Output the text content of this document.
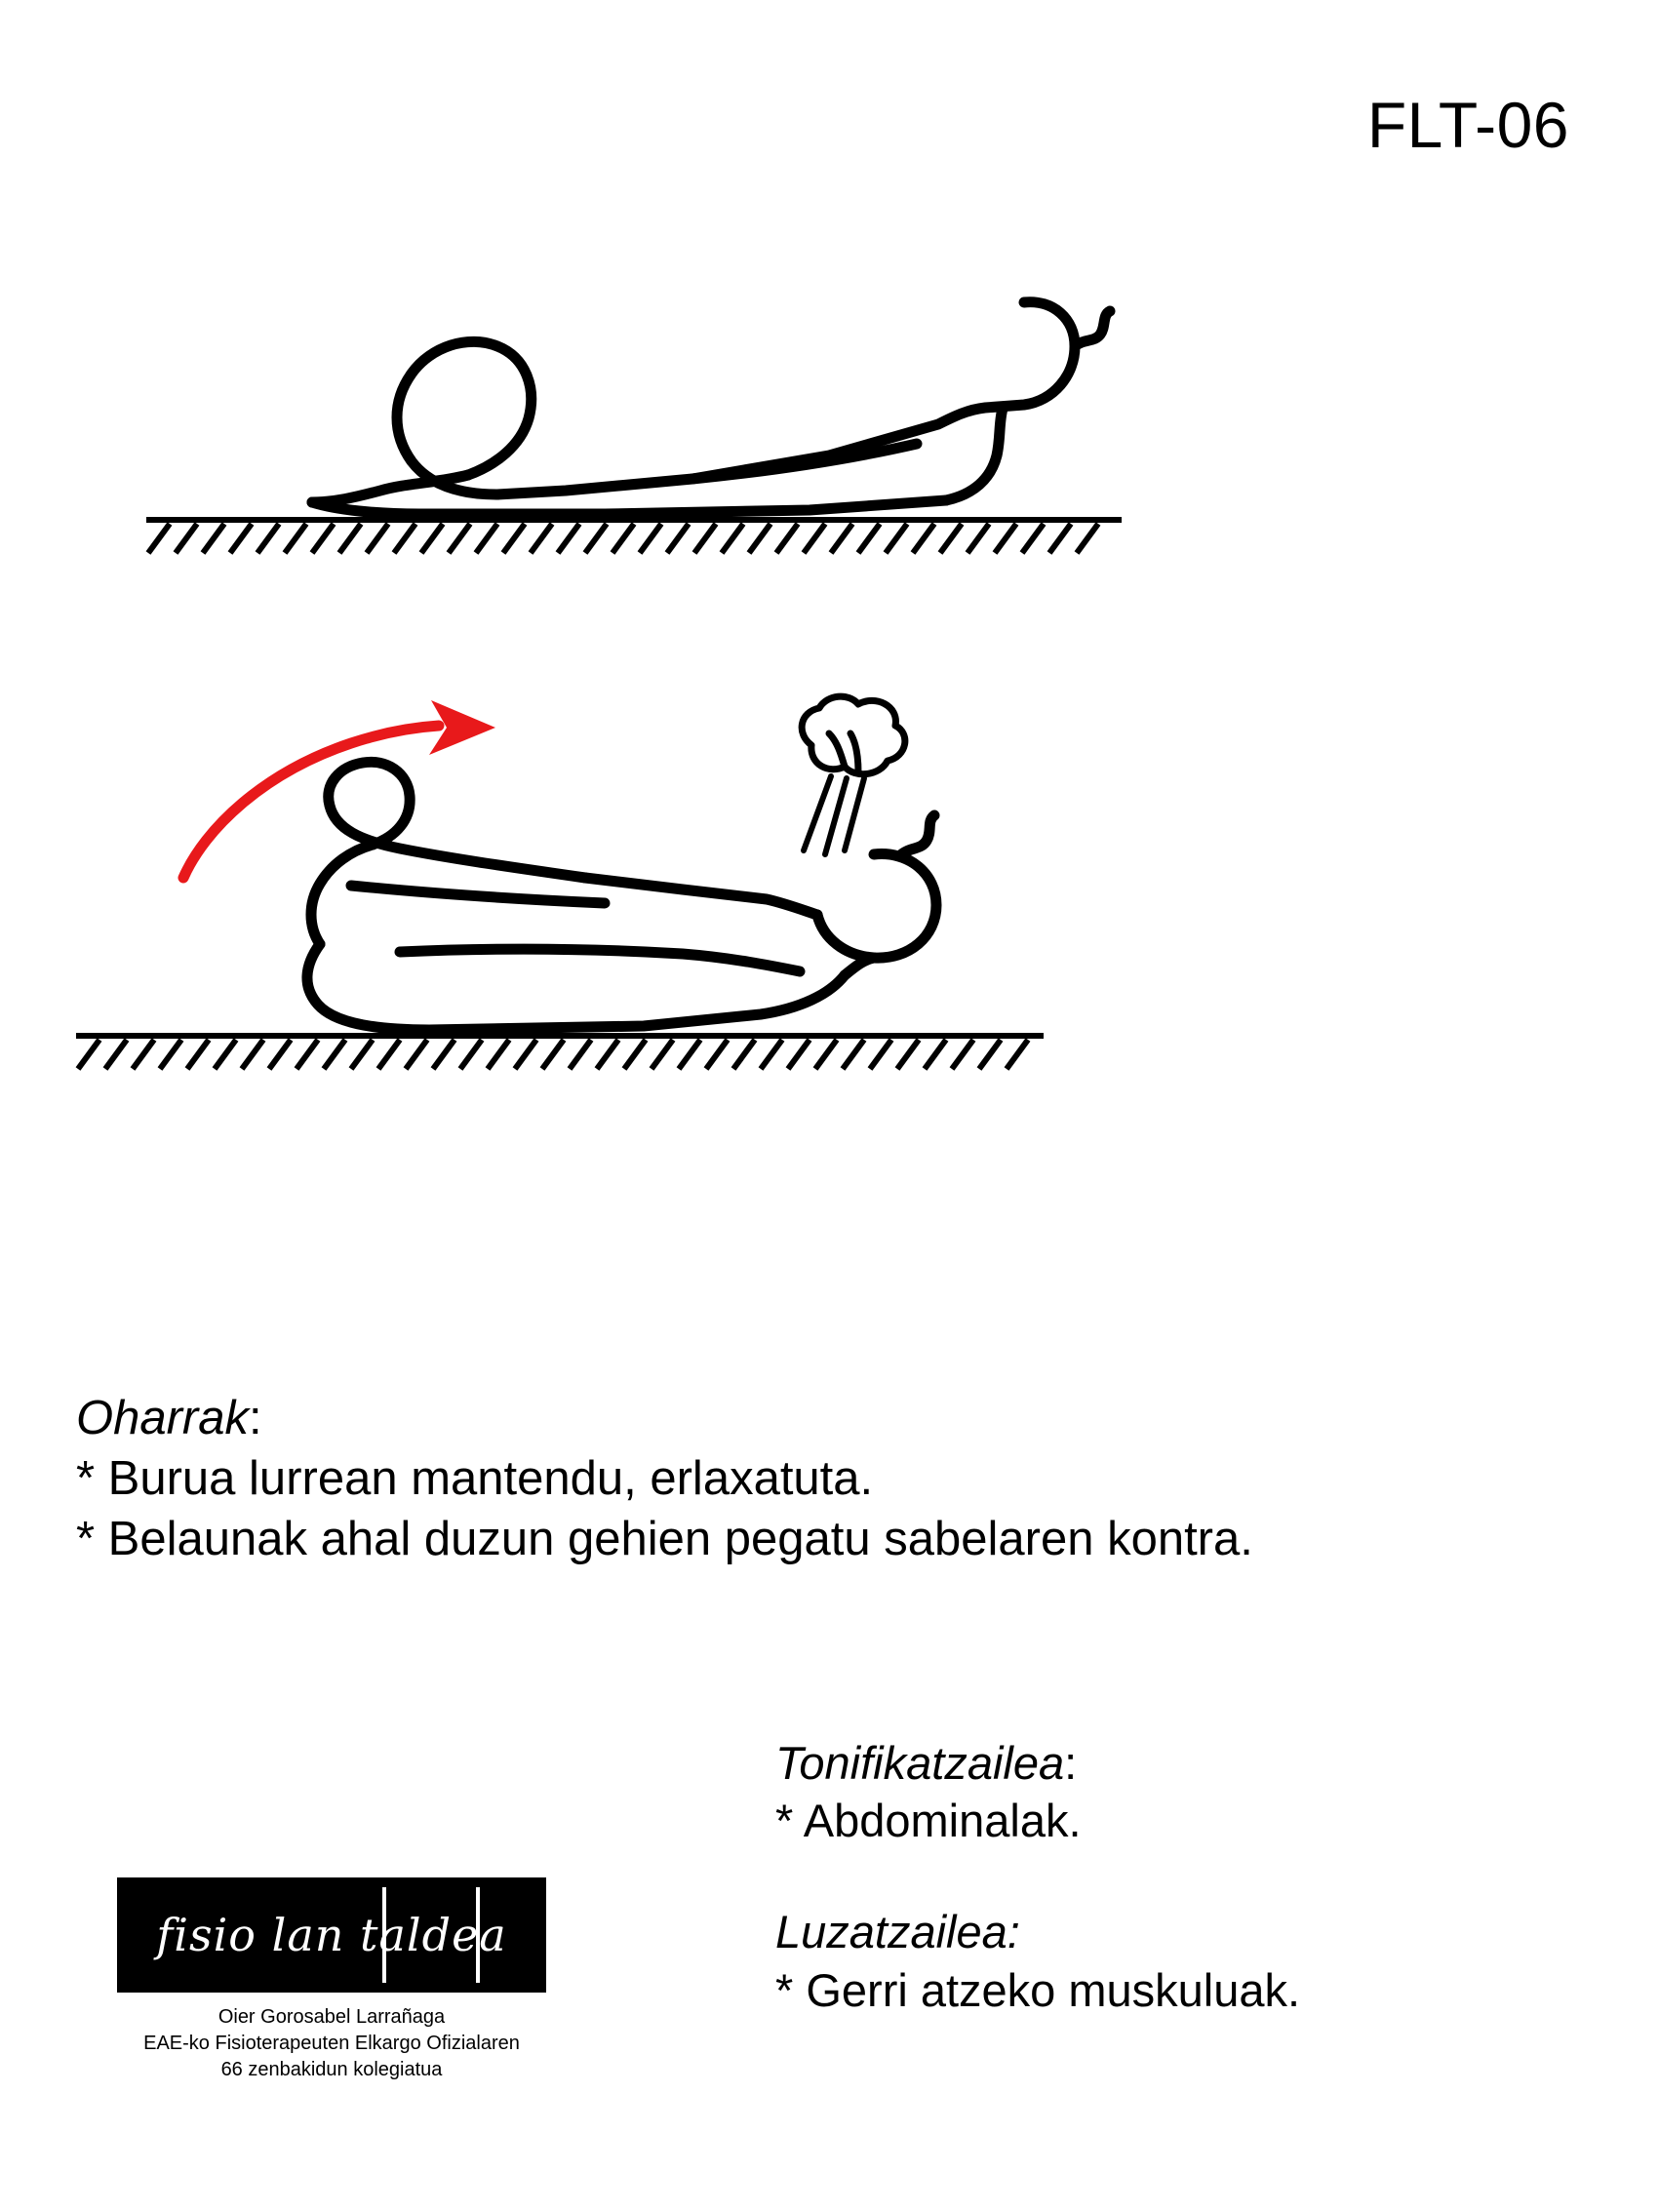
FLT-06

Oharrak:

* Burua lurrean mantendu, erlaxatuta.

* Belaunak ahal duzun gehien pegatu sabelaren kontra.

Tonifikatzailea:

* Abdominalak.

Luzatzailea:

* Gerri atzeko muskuluak.

fisio lan taldea
Oier Gorosabel Larrañaga
EAE-ko Fisioterapeuten Elkargo Ofizialaren
66 zenbakidun kolegiatua
